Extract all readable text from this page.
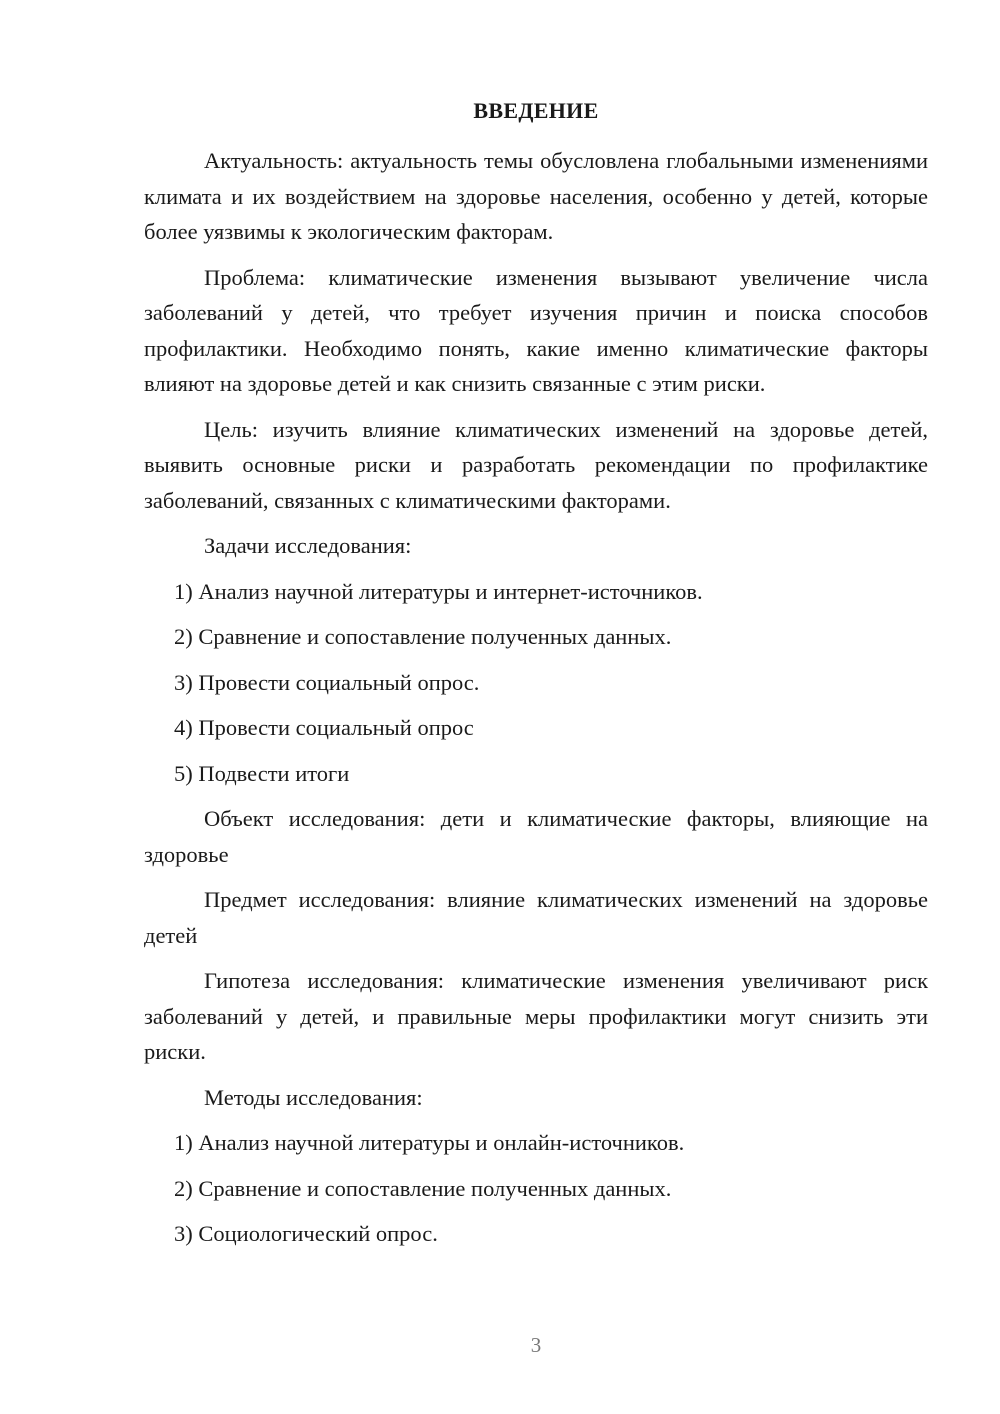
ВВЕДЕНИЕ

Актуальность: актуальность темы обусловлена глобальными изменениями климата и их воздействием на здоровье населения, особенно у детей, которые более уязвимы к экологическим факторам.

Проблема: климатические изменения вызывают увеличение числа заболеваний у детей, что требует изучения причин и поиска способов профилактики. Необходимо понять, какие именно климатические факторы влияют на здоровье детей и как снизить связанные с этим риски.

Цель: изучить влияние климатических изменений на здоровье детей, выявить основные риски и разработать рекомендации по профилактике заболеваний, связанных с климатическими факторами.

Задачи исследования:

1) Анализ научной литературы и интернет-источников.

2) Сравнение и сопоставление полученных данных.

3) Провести социальный опрос.

4) Провести социальный опрос

5) Подвести итоги

Объект исследования: дети и климатические факторы, влияющие на здоровье

Предмет исследования: влияние климатических изменений на здоровье детей

Гипотеза исследования: климатические изменения увеличивают риск заболеваний у детей, и правильные меры профилактики могут снизить эти риски.

Методы исследования:

1) Анализ научной литературы и онлайн-источников.

2) Сравнение и сопоставление полученных данных.

3) Социологический опрос.

3
